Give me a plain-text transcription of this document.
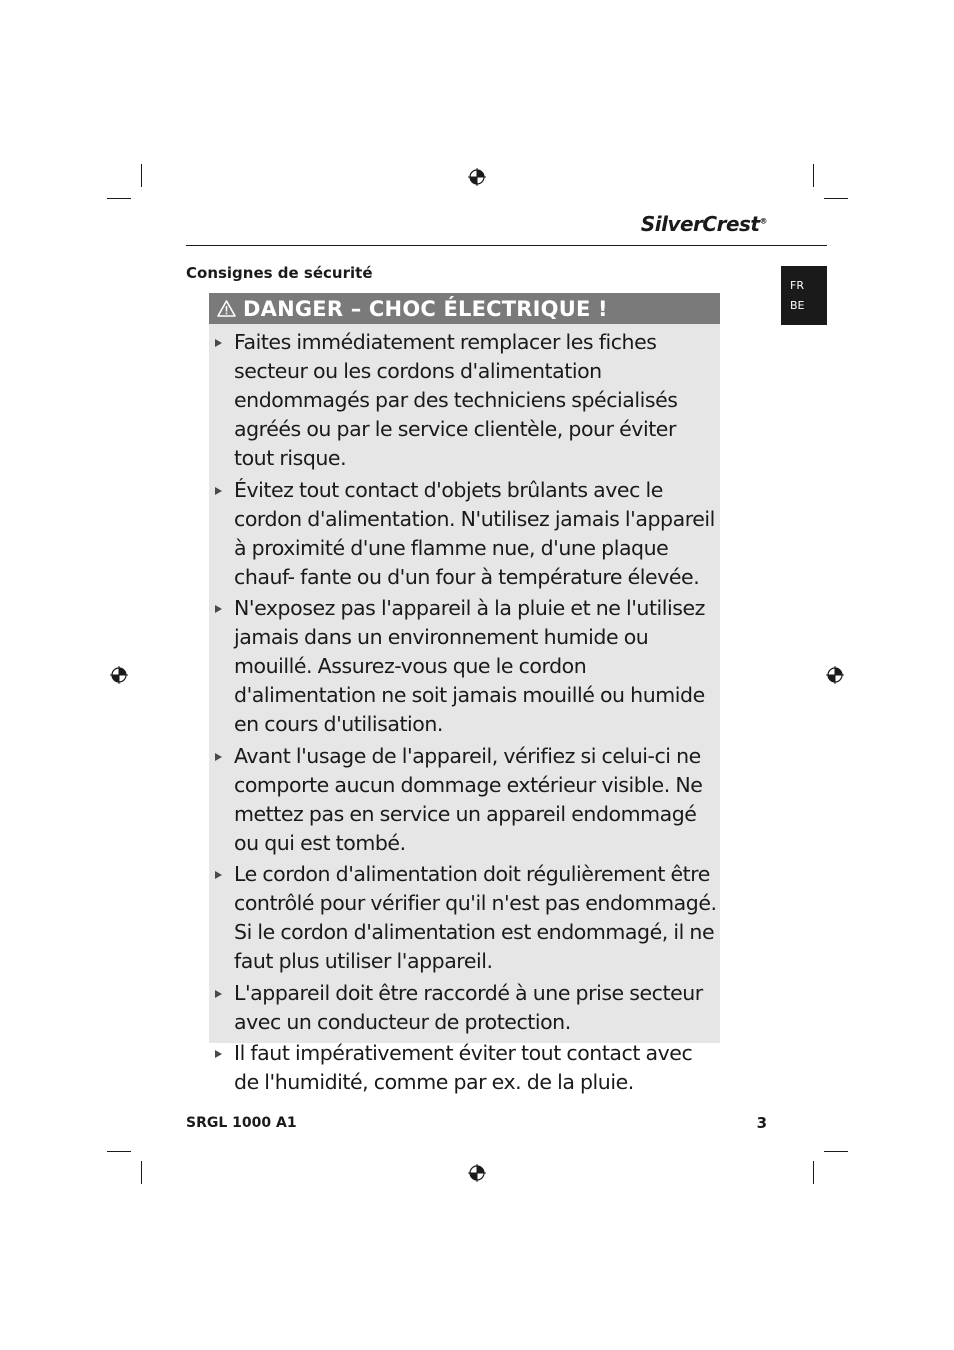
SilverCrest®
FR
BE
Consignes de sécurité
DANGER – CHOC ÉLECTRIQUE !
Faites immédiatement remplacer les fiches secteur ou les cordons d'alimentation endommagés par des techniciens spécialisés agréés ou par le service clientèle, pour éviter tout risque.
Évitez tout contact d'objets brûlants avec le cordon d'alimentation. N'utilisez jamais l'appareil à proximité d'une flamme nue, d'une plaque chauf- fante ou d'un four à température élevée.
N'exposez pas l'appareil à la pluie et ne l'utilisez jamais dans un environnement humide ou mouillé. Assurez-vous que le cordon d'alimentation ne soit jamais mouillé ou humide en cours d'utilisation.
Avant l'usage de l'appareil, vérifiez si celui-ci ne comporte aucun dommage extérieur visible. Ne mettez pas en service un appareil endommagé ou qui est tombé.
Le cordon d'alimentation doit régulièrement être contrôlé pour vérifier qu'il n'est pas endommagé. Si le cordon d'alimentation est endommagé, il ne faut plus utiliser l'appareil.
L'appareil doit être raccordé à une prise secteur avec un conducteur de protection.
Il faut impérativement éviter tout contact avec de l'humidité, comme par ex. de la pluie.
SRGL 1000 A1	3
